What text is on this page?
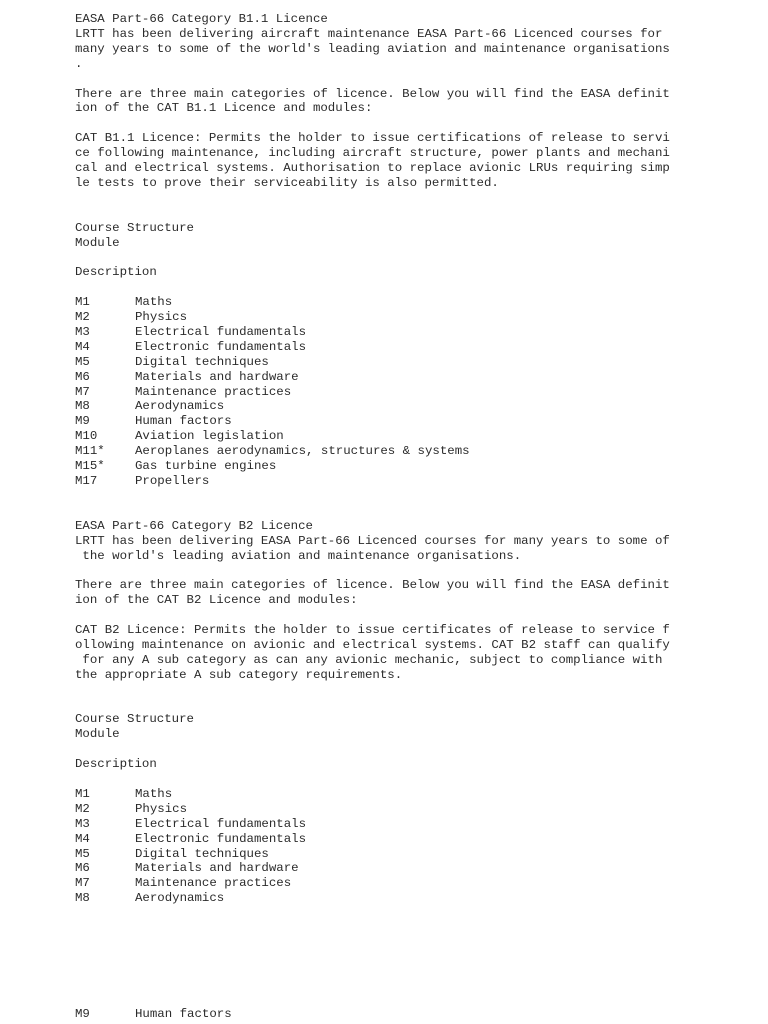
EASA Part-66 Category B1.1 Licence
LRTT has been delivering aircraft maintenance EASA Part-66 Licenced courses for
many years to some of the world's leading aviation and maintenance organisations
.
There are three main categories of licence. Below you will find the EASA definit
ion of the CAT B1.1 Licence and modules:
CAT B1.1 Licence: Permits the holder to issue certifications of release to servi
ce following maintenance, including aircraft structure, power plants and mechani
cal and electrical systems. Authorisation to replace avionic LRUs requiring simp
le tests to prove their serviceability is also permitted.
Course Structure
Module
Description
M1	Maths
M2	Physics
M3	Electrical fundamentals
M4	Electronic fundamentals
M5	Digital techniques
M6	Materials and hardware
M7	Maintenance practices
M8	Aerodynamics
M9	Human factors
M10	Aviation legislation
M11*	Aeroplanes aerodynamics, structures & systems
M15*	Gas turbine engines
M17	Propellers
EASA Part-66 Category B2 Licence
LRTT has been delivering EASA Part-66 Licenced courses for many years to some of
the world's leading aviation and maintenance organisations.
There are three main categories of licence. Below you will find the EASA definit
ion of the CAT B2 Licence and modules:
CAT B2 Licence: Permits the holder to issue certificates of release to service f
ollowing maintenance on avionic and electrical systems. CAT B2 staff can qualify
for any A sub category as can any avionic mechanic, subject to compliance with
the appropriate A sub category requirements.
Course Structure
Module
Description
M1	Maths
M2	Physics
M3	Electrical fundamentals
M4	Electronic fundamentals
M5	Digital techniques
M6	Materials and hardware
M7	Maintenance practices
M8	Aerodynamics
M9	Human factors
